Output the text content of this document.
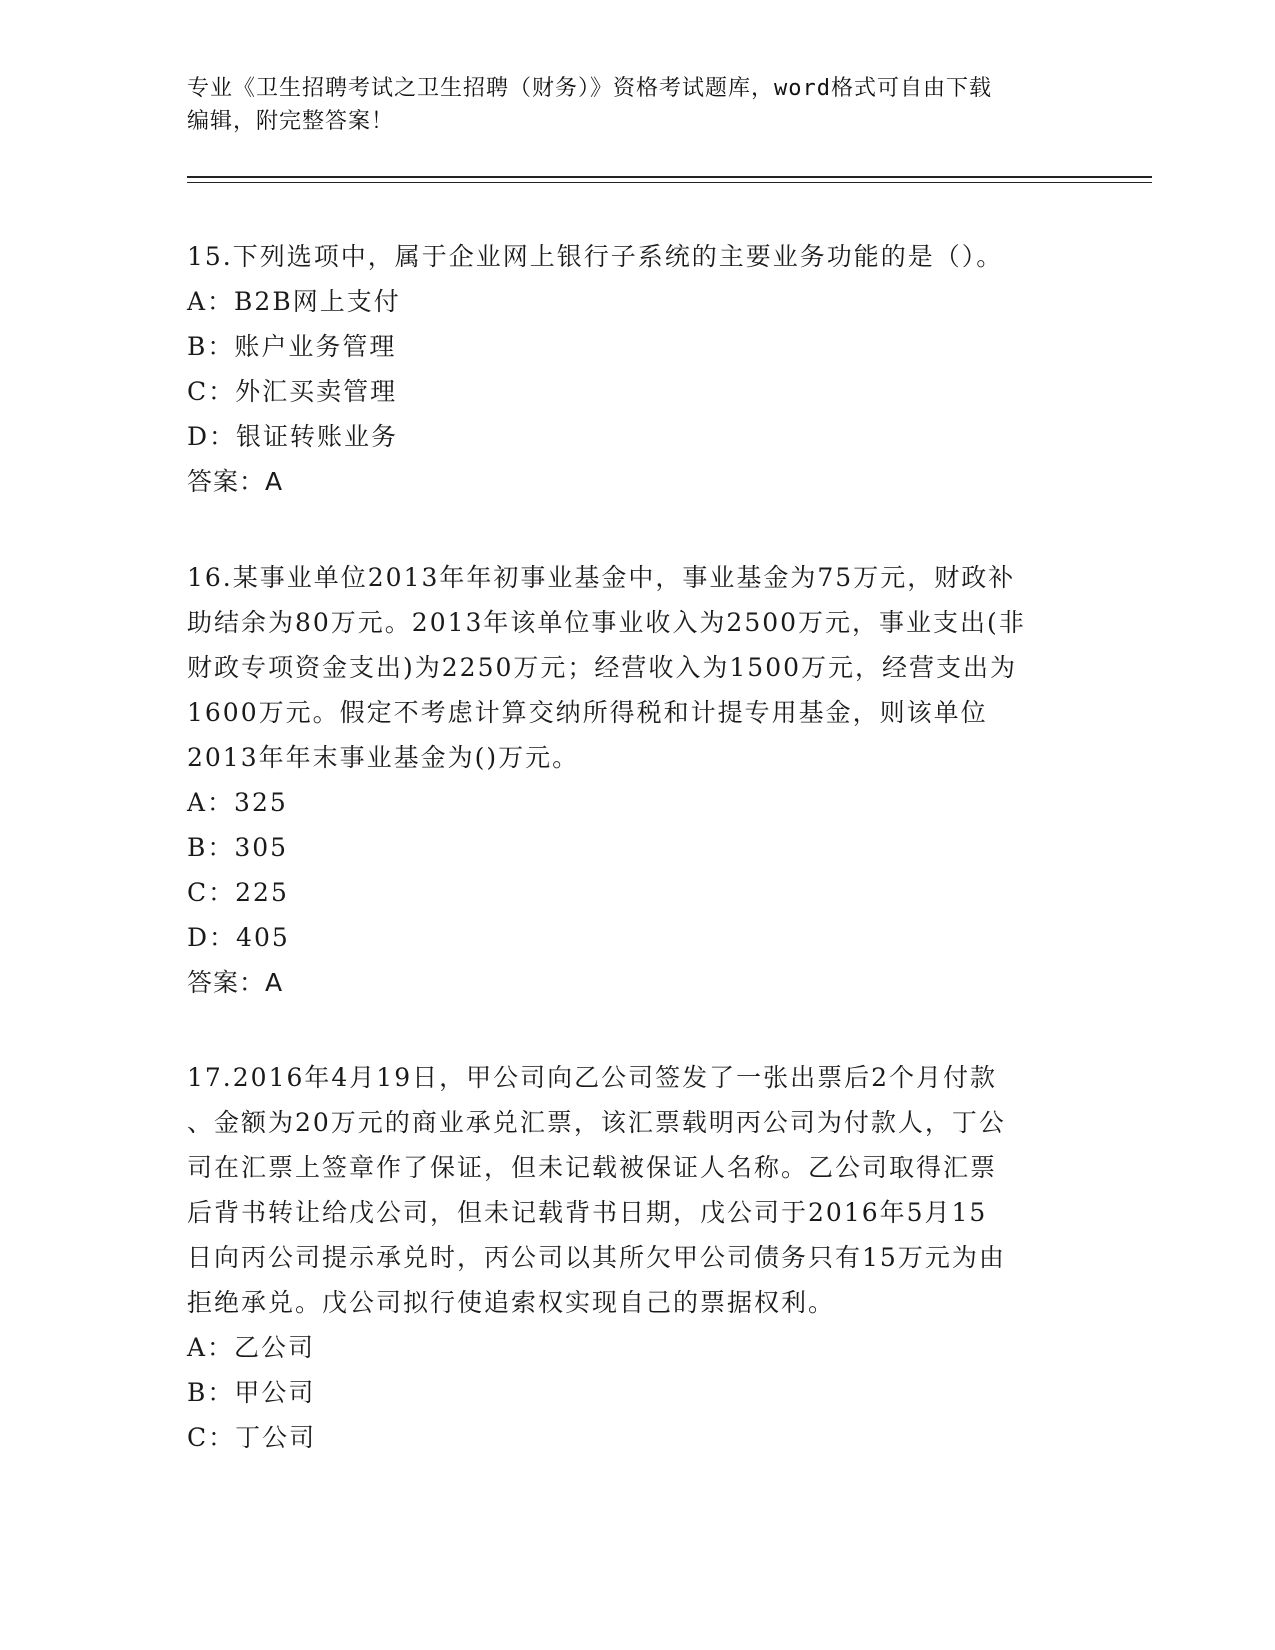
专业《卫生招聘考试之卫生招聘（财务）》资格考试题库，word格式可自由下载
编辑，附完整答案！
15.下列选项中，属于企业网上银行子系统的主要业务功能的是（）。
A：B2B网上支付
B：账户业务管理
C：外汇买卖管理
D：银证转账业务
答案：A
16.某事业单位2013年年初事业基金中，事业基金为75万元，财政补
助结余为80万元。2013年该单位事业收入为2500万元，事业支出(非
财政专项资金支出)为2250万元；经营收入为1500万元，经营支出为
1600万元。假定不考虑计算交纳所得税和计提专用基金，则该单位
2013年年末事业基金为()万元。
A：325
B：305
C：225
D：405
答案：A
17.2016年4月19日，甲公司向乙公司签发了一张出票后2个月付款
、金额为20万元的商业承兑汇票，该汇票载明丙公司为付款人，丁公
司在汇票上签章作了保证，但未记载被保证人名称。乙公司取得汇票
后背书转让给戊公司，但未记载背书日期，戊公司于2016年5月15
日向丙公司提示承兑时，丙公司以其所欠甲公司债务只有15万元为由
拒绝承兑。戊公司拟行使追索权实现自己的票据权利。
A：乙公司
B：甲公司
C：丁公司
